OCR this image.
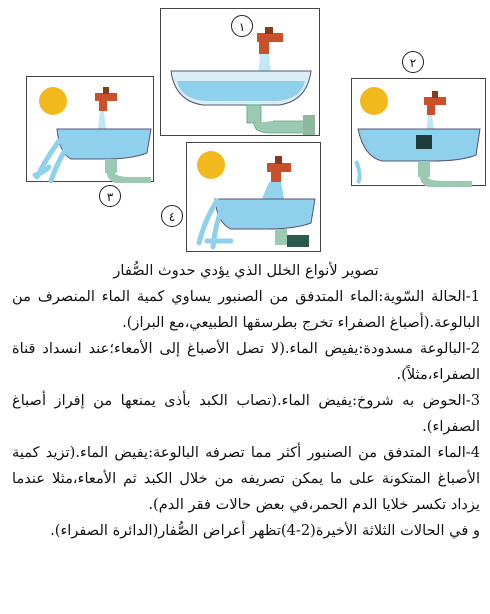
١
٢
٣
٤

تصوير لأنواع الخلل الذي يؤدي حدوث الصُّفار

1-الحالة السّوية:الماء المتدفق من الصنبور يساوي كمية الماء المنصرف من البالوعة.(أصباغ الصفراء تخرج بطرسقها الطبيعي،مع البراز).

2-البالوعة مسدودة:يفيض الماء.(لا تصل الأصباغ إلى الأمعاء؛عند انسداد قناة الصفراء،مثلاً).

3-الحوض به شروخ:يفيض الماء.(تصاب الكبد بأذى يمنعها من إفراز أصباغ الصفراء).

4-الماء المتدفق من الصنبور أكثر مما تصرفه البالوعة:يفيض الماء.(تزيد كمية الأصباغ المتكونة على ما يمكن تصريفه من خلال الكبد ثم الأمعاء،مثلا عندما يزداد تكسر خلايا الدم الحمر،في بعض حالات فقر الدم).

و في الحالات الثلاثة الأخيرة(2-4)تظهر أعراض الصُّفار(الدائرة الصفراء).
